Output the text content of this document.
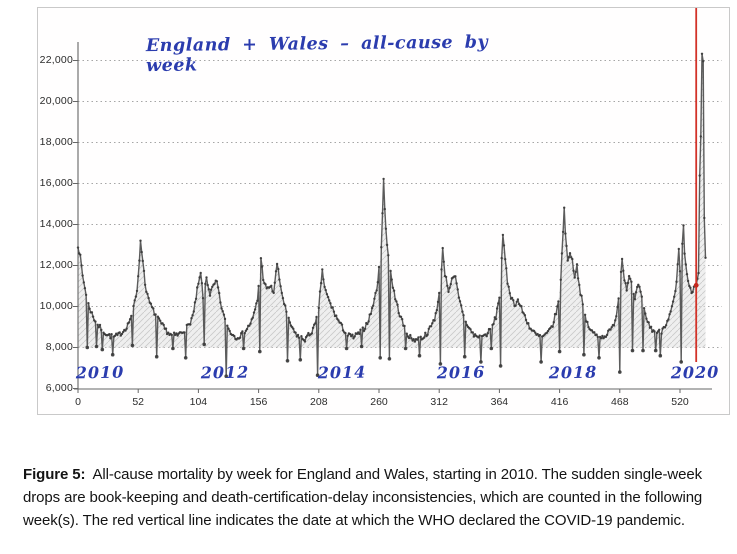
England + Wales – all-cause by week
22,000
20,000
18,000
16,000
14,000
12,000
10,000
8,000
6,000
0	52	104	156	208	260	312	364	416	468	520
2010	2012	2014	2016	2018	2020

Figure 5: All-cause mortality by week for England and Wales, starting in 2010. The sudden single-week drops are book-keeping and death-certification-delay inconsistencies, which are counted in the following week(s). The red vertical line indicates the date at which the WHO declared the COVID-19 pandemic.
